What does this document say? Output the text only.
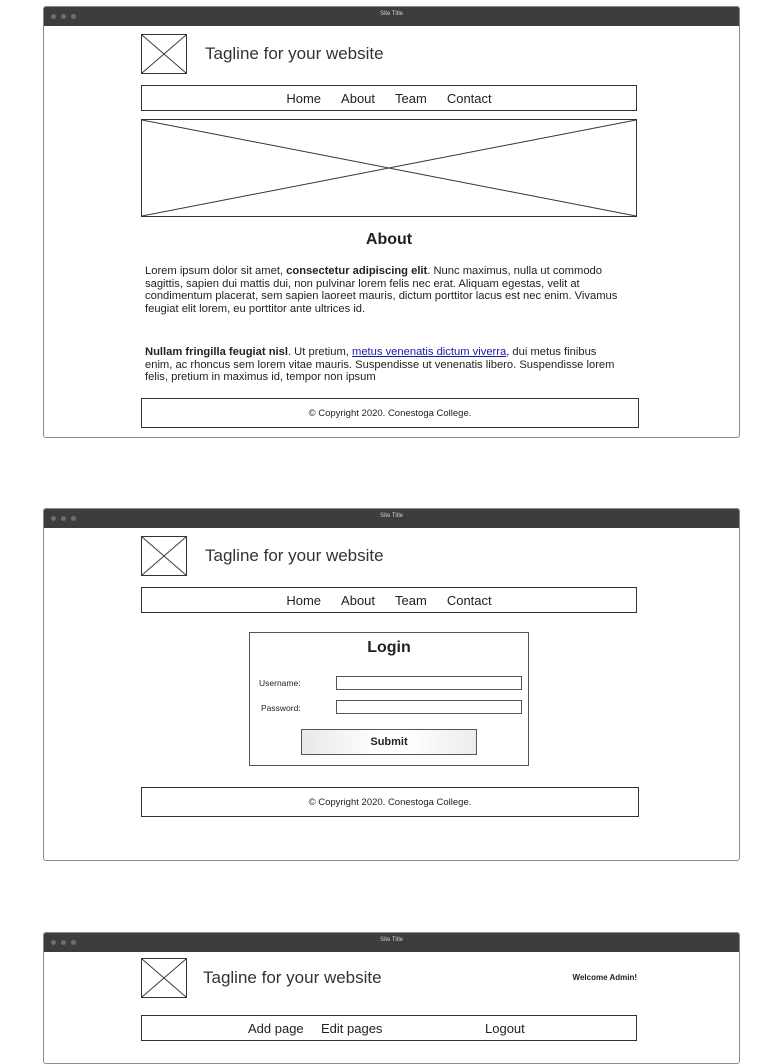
Site Title
Tagline for your website
Home About Team Contact
About

Lorem ipsum dolor sit amet, consectetur adipiscing elit. Nunc maximus, nulla ut commodo sagittis, sapien dui mattis dui, non pulvinar lorem felis nec erat. Aliquam egestas, velit at condimentum placerat, sem sapien laoreet mauris, dictum porttitor lacus est nec enim. Vivamus feugiat elit lorem, eu porttitor ante ultrices id.

Nullam fringilla feugiat nisl. Ut pretium, metus venenatis dictum viverra, dui metus finibus enim, ac rhoncus sem lorem vitae mauris. Suspendisse ut venenatis libero. Suspendisse lorem felis, pretium in maximus id, tempor non ipsum

© Copyright 2020. Conestoga College.
Site Title
Tagline for your website
Home About Team Contact
Login
Username:
Password:
Submit
© Copyright 2020. Conestoga College.
Site Title
Tagline for your website	Welcome Admin!
Add page Edit pages	Logout
